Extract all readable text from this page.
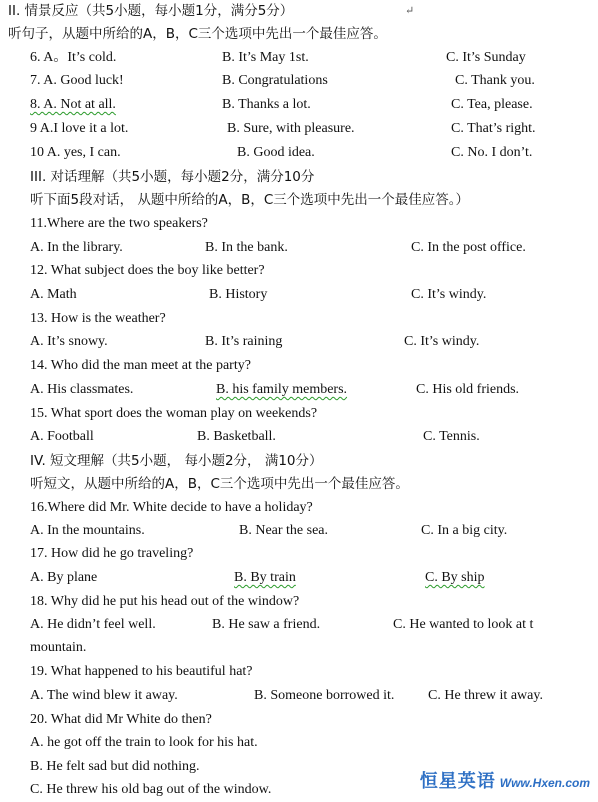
II. 情景反应（共5小题，每小题1分，满分5分）	↵
听句子，从题中所给的A，B，C三个选项中先出一个最佳应答。
6. A。It’s cold.	B. It’s May 1st.	C. It’s Sunday
7. A. Good luck!	B. Congratulations	C. Thank you.
8. A. Not at all.	B. Thanks a lot.	C. Tea, please.
9 A.I love it a lot.	B. Sure, with pleasure.	C. That’s right.
10 A. yes, I can.	B. Good idea.	C. No. I don’t.
III. 对话理解（共5小题，每小题2分，满分10分
听下面5段对话， 从题中所给的A，B，C三个选项中先出一个最佳应答。）
11.Where are the two speakers?
A. In the library.	B. In the bank.	C. In the post office.
12. What subject does the boy like better?
A. Math	B. History	C. It’s windy.
13. How is the weather?
A. It’s snowy.	B. It’s raining	C. It’s windy.
14. Who did the man meet at the party?
A. His classmates.	B. his family members.	C. His old friends.
15. What sport does the woman play on weekends?
A. Football	B. Basketball.	C. Tennis.
IV. 短文理解（共5小题， 每小题2分， 满10分）
听短文，从题中所给的A，B，C三个选项中先出一个最佳应答。
16.Where did Mr. White decide to have a holiday?
A. In the mountains.	B. Near the sea.	C. In a big city.
17. How did he go traveling?
A. By plane	B. By train	C. By ship
18. Why did he put his head out of the window?
A. He didn’t feel well.	B. He saw a friend.	C. He wanted to look at t
mountain.
19. What happened to his beautiful hat?
A. The wind blew it away.	B. Someone borrowed it. C. He threw it away.
20. What did Mr White do then?
A. he got off the train to look for his hat.
B. He felt sad but did nothing.
C. He threw his old bag out of the window.	恒星英语 Www.Hxen.com
